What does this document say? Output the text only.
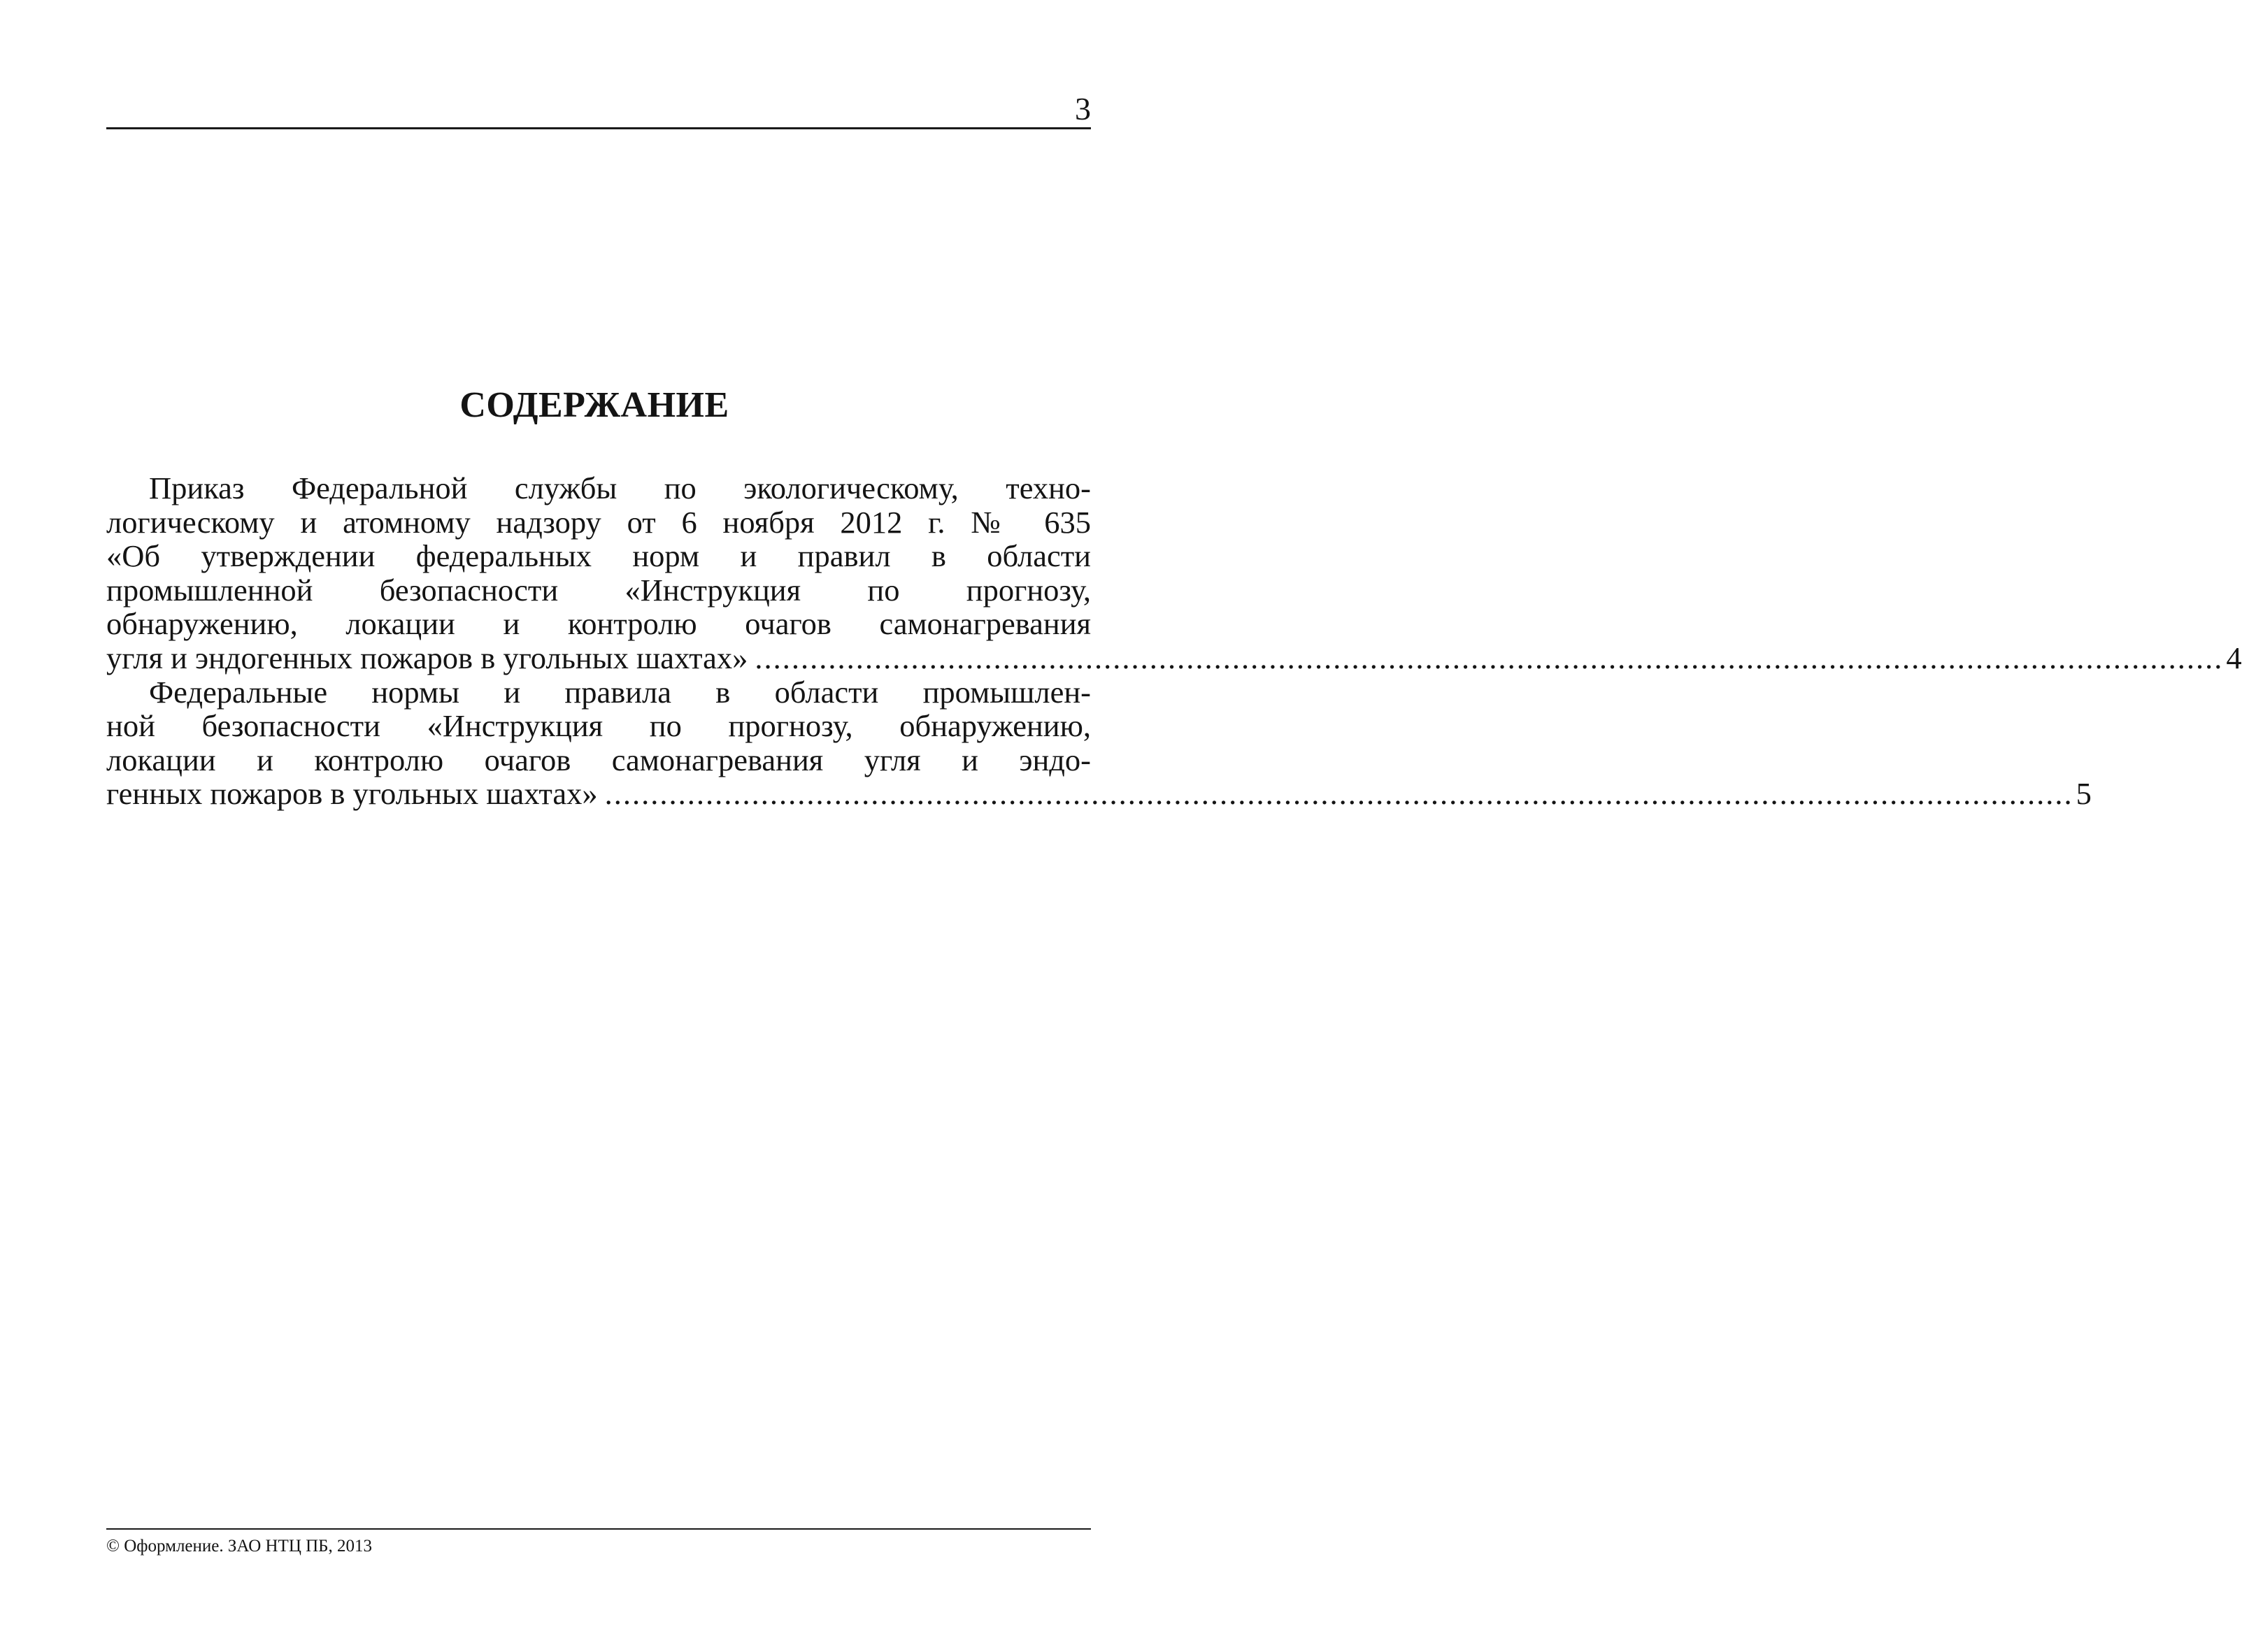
3
СОДЕРЖАНИЕ
Приказ Федеральной службы по экологическому, техно-
логическому и атомному надзору от 6 ноября 2012 г. № 635
«Об утверждении федеральных норм и правил в области
промышленной безопасности «Инструкция по прогнозу,
обнаружению, локации и контролю очагов самонагревания
угля и эндогенных пожаров в угольных шахтах» ................................................................................................................................................................ 4
Федеральные нормы и правила в области промышлен-
ной безопасности «Инструкция по прогнозу, обнаружению,
локации и контролю очагов самонагревания угля и эндо-
генных пожаров в угольных шахтах» ................................................................................................................................................................ 5
© Оформление. ЗАО НТЦ ПБ, 2013
